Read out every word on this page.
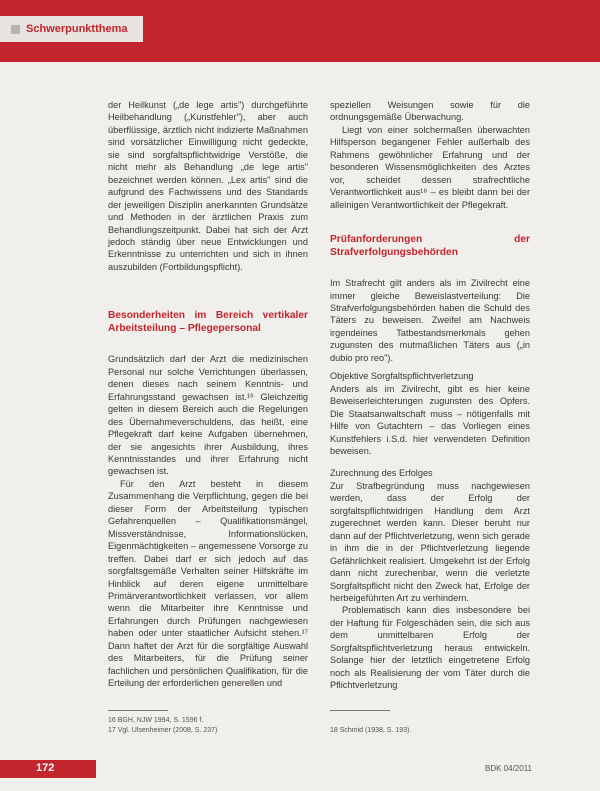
Schwerpunktthema

der Heilkunst („de lege artis") durchgeführte Heilbehandlung („Kunstfehler"), aber auch überflüssige, ärztlich nicht indizierte Maßnahmen sind vorsätzlicher Einwilligung nicht gedeckte, sie sind sorgfaltspflichtwidrige Verstöße, die nicht mehr als Behandlung „de lege artis" bezeichnet werden können. „Lex artis" sind die aufgrund des Fachwissens und des Standards der jeweiligen Disziplin anerkannten Grundsätze und Methoden in der ärztlichen Praxis zum Behandlungszeitpunkt. Dabei hat sich der Arzt jedoch ständig über neue Entwicklungen und Erkenntnisse zu unterrichten und sich in ihnen auszubilden (Fortbildungspflicht).

Besonderheiten im Bereich vertikaler Arbeitsteilung – Pflegepersonal

Grundsätzlich darf der Arzt die medizinischen Personal nur solche Verrichtungen überlassen, denen dieses nach seinem Kenntnis- und Erfahrungsstand gewachsen ist.¹⁶ Gleichzeitig gelten in diesem Bereich auch die Regelungen des Übernahmeverschuldens, das heißt, eine Pflegekraft darf keine Aufgaben übernehmen, der sie angesichts ihrer Ausbildung, ihres Kenntnisstandes und ihrer Erfahrung nicht gewachsen ist.

Für den Arzt besteht in diesem Zusammenhang die Verpflichtung, gegen die bei dieser Form der Arbeitsteilung typischen Gefahrenquellen – Qualifikationsmängel, Missverständnisse, Informationslücken, Eigenmächtigkeiten – angemessene Vorsorge zu treffen. Dabei darf er sich jedoch auf das sorgfaltsgemäße Verhalten seiner Hilfskräfte im Hinblick auf deren eigene unmittelbare Primärverantwortlichkeit verlassen, vor allem wenn die Mitarbeiter ihre Kenntnisse und Erfahrungen durch Prüfungen nachgewiesen haben oder unter staatlicher Aufsicht stehen.¹⁷ Dann haftet der Arzt für die sorgfältige Auswahl des Mitarbeiters, für die Prüfung seiner fachlichen und persönlichen Qualifikation, für die Erteilung der erforderlichen generellen und

speziellen Weisungen sowie für die ordnungsgemäße Überwachung.

Liegt von einer solchermaßen überwachten Hilfsperson begangener Fehler außerhalb des Rahmens gewöhnlicher Erfahrung und der besonderen Wissensmöglichkeiten des Arztes vor, scheidet dessen strafrechtliche Verantwortlichkeit aus¹⁸ – es bleibt dann bei der alleinigen Verantwortlichkeit der Pflegekraft.

Prüfanforderungen der Strafverfolgungsbehörden

Im Strafrecht gilt anders als im Zivilrecht eine immer gleiche Beweislastverteilung: Die Strafverfolgungsbehörden haben die Schuld des Täters zu beweisen. Zweifel am Nachweis irgendeines Tatbestandsmerkmals gehen zugunsten des mutmaßlichen Täters aus („in dubio pro reo").

Objektive Sorgfaltspflichtverletzung

Anders als im Zivilrecht, gibt es hier keine Beweiserleichterungen zugunsten des Opfers. Die Staatsanwaltschaft muss – nötigenfalls mit Hilfe von Gutachtern – das Vorliegen eines Kunstfehlers i.S.d. hier verwendeten Definition beweisen.

Zurechnung des Erfolges

Zur Strafbegründung muss nachgewiesen werden, dass der Erfolg der sorgfaltspflichtwidrigen Handlung dem Arzt zugerechnet werden kann. Dieser beruht nur dann auf der Pflichtverletzung, wenn sich gerade in ihm die in der Pflichtverletzung liegende Gefährlichkeit realisiert. Umgekehrt ist der Erfolg dann nicht zurechenbar, wenn die verletzte Sorgfaltspflicht nicht den Zweck hat, Erfolge der herbeigeführten Art zu verhindern.

Problematisch kann dies insbesondere bei der Haftung für Folgeschäden sein, die sich aus dem unmittelbaren Erfolg der Sorgfaltspflichtverletzung heraus entwickeln. Solange hier der letztlich eingetretene Erfolg noch als Realisierung der vom Täter durch die Pflichtverletzung

16 BGH, NJW 1994, S. 1596 f.
17 Vgl. Ulsenheimer (2008, S. 237)	18 Schmid (1938, S. 193).
172	BDK 04/2011
